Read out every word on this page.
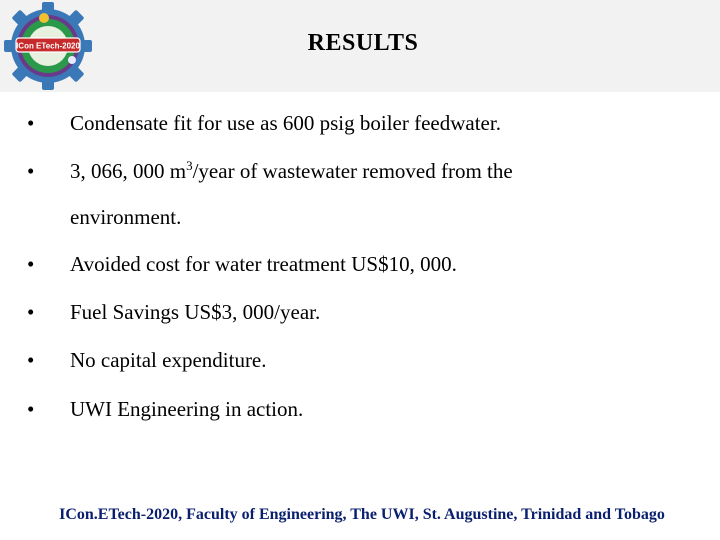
ICon ETech-2020	RESULTS
•	Condensate fit for use as 600 psig boiler feedwater.
•	3, 066, 000 $m^3$/year of wastewater removed from the
environment.
•	Avoided cost for water treatment US$10, 000.
•	Fuel Savings US$3, 000/year.
•	No capital expenditure.
•	UWI Engineering in action.
ICon.ETech-2020, Faculty of Engineering, The UWI, St. Augustine, Trinidad and Tobago
